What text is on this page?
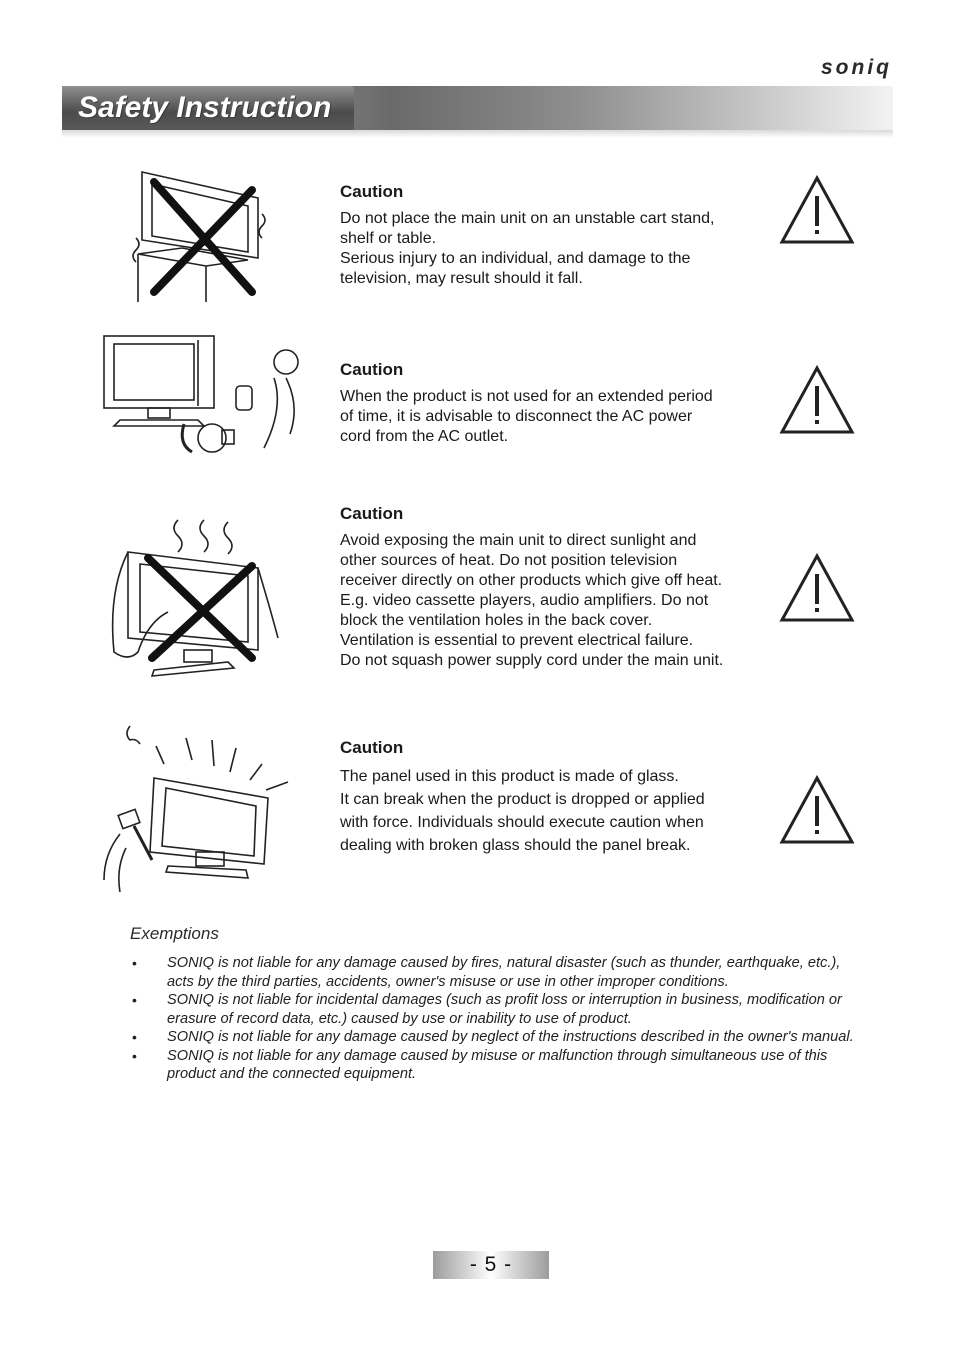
soniq
Safety Instruction
Caution

Do not place the main unit on an unstable cart stand,

shelf or table.

Serious injury to an individual, and damage to the

television, may result should it fall.

Caution

When the product is not used for an extended period

of time, it is advisable to disconnect the AC power

cord from the AC outlet.

Caution

Avoid exposing the main unit to direct sunlight and

other sources of heat. Do not position television

receiver directly on other products which give off heat.

E.g. video cassette players, audio amplifiers. Do not

block the ventilation holes in the back cover.

Ventilation is essential to prevent electrical failure.

Do not squash power supply cord under the main unit.

Caution

The panel used in this product is made of glass.

It can break when the product is dropped or applied

with force. Individuals should execute caution when

dealing with broken glass should the panel break.

Exemptions
• SONIQ is not liable for any damage caused by fires, natural disaster (such as thunder, earthquake, etc.), acts by the third parties, accidents, owner's misuse or use in other improper conditions.
• SONIQ is not liable for incidental damages (such as profit loss or interruption in business, modification or erasure of record data, etc.) caused by use or inability to use of product.
• SONIQ is not liable for any damage caused by neglect of the instructions described in the owner's manual.
• SONIQ is not liable for any damage caused by misuse or malfunction through simultaneous use of this product and the connected equipment.
- 5 -
